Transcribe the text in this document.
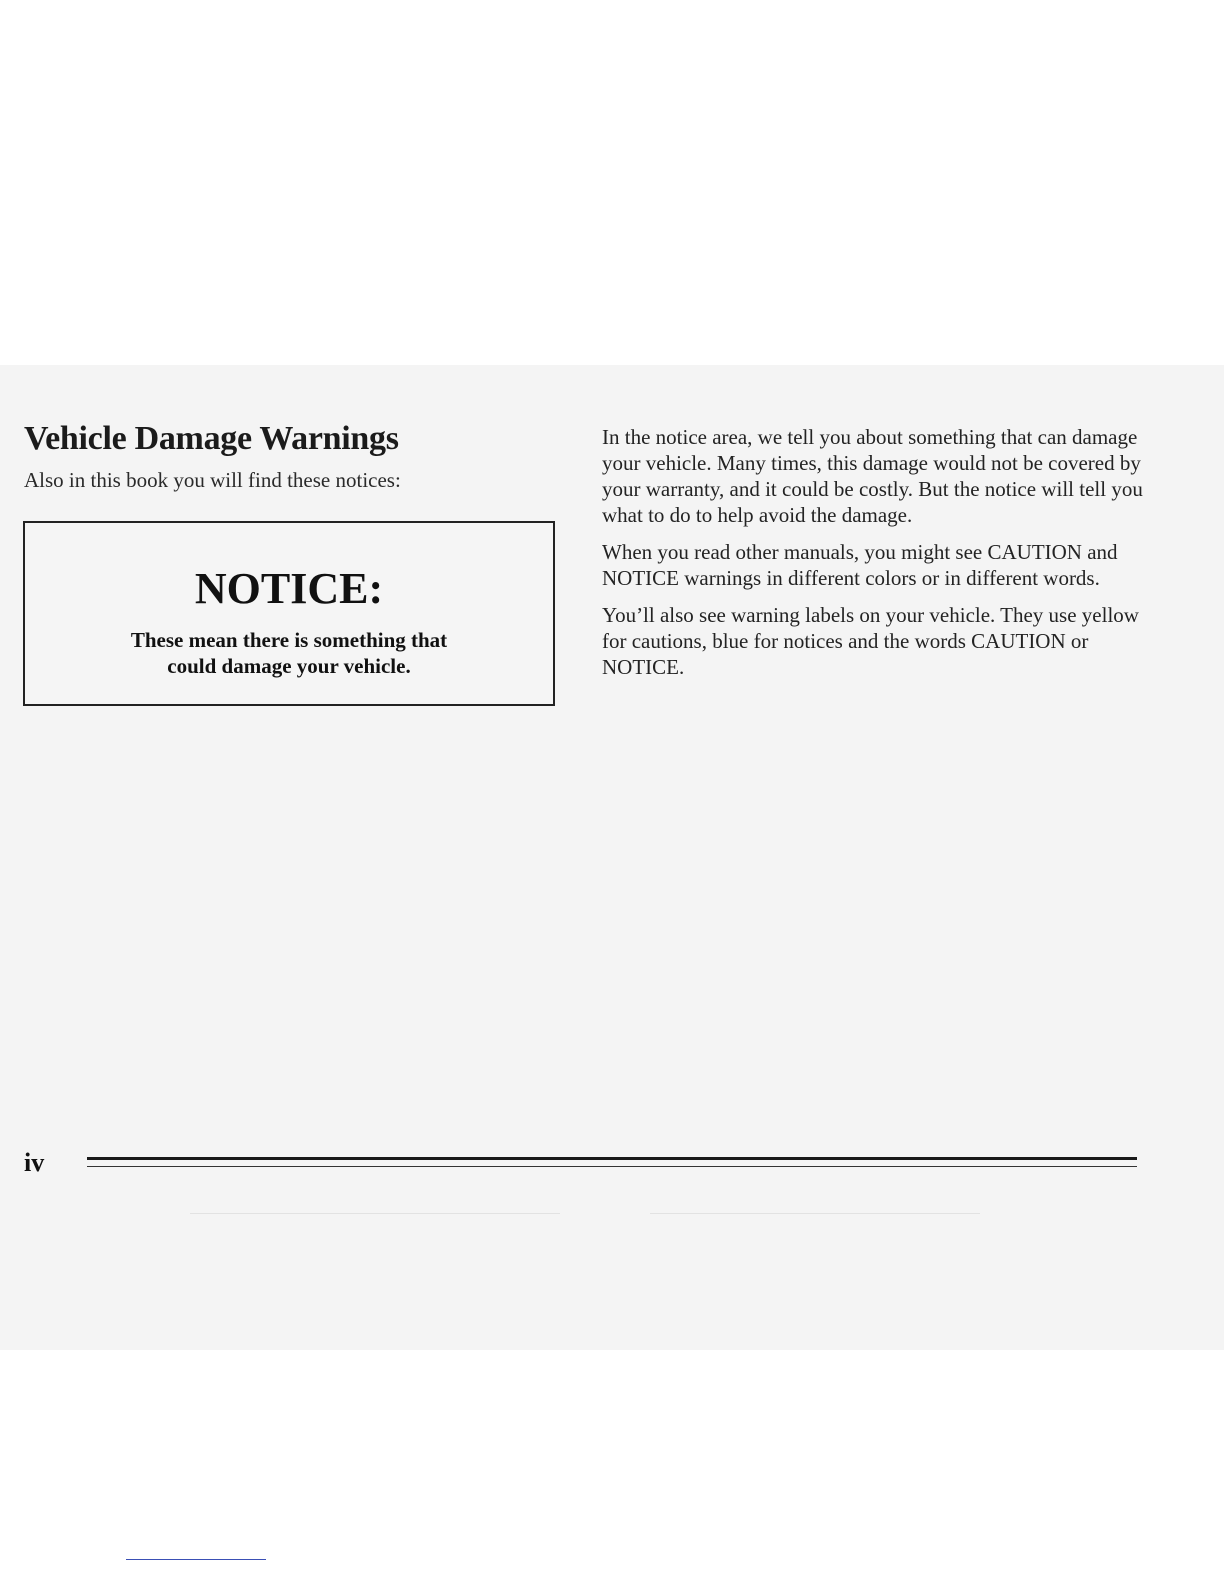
Vehicle Damage Warnings

Also in this book you will find these notices:

NOTICE:
These mean there is something that could damage your vehicle.

In the notice area, we tell you about something that can damage your vehicle. Many times, this damage would not be covered by your warranty, and it could be costly. But the notice will tell you what to do to help avoid the damage.

When you read other manuals, you might see CAUTION and NOTICE warnings in different colors or in different words.

You’ll also see warning labels on your vehicle. They use yellow for cautions, blue for notices and the words CAUTION or NOTICE.

iv
